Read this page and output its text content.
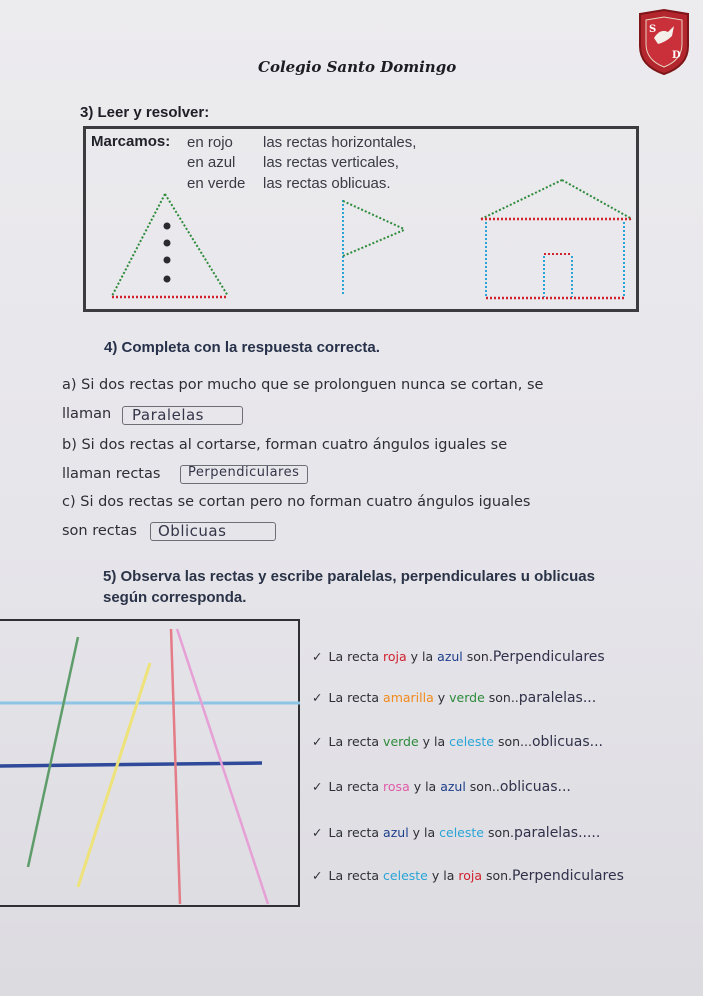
S
D
Colegio Santo Domingo
3) Leer y resolver:
Marcamos: en rojo las rectas horizontales,
en azul las rectas verticales,
en verde las rectas oblicuas.
4) Completa con la respuesta correcta.
a) Si dos rectas por mucho que se prolonguen nunca se cortan, se
llaman Paralelas
b) Si dos rectas al cortarse, forman cuatro ángulos iguales se
llaman rectas Perpendiculares
c) Si dos rectas se cortan pero no forman cuatro ángulos iguales
son rectas Oblicuas
5) Observa las rectas y escribe paralelas, perpendiculares u oblicuas
según corresponda.
✓ La recta roja y la azul son.Perpendiculares
✓ La recta amarilla y verde son..paralelas...
✓ La recta verde y la celeste son...oblicuas...
✓ La recta rosa y la azul son..oblicuas...
✓ La recta azul y la celeste son.paralelas.....
✓ La recta celeste y la roja son.Perpendiculares
